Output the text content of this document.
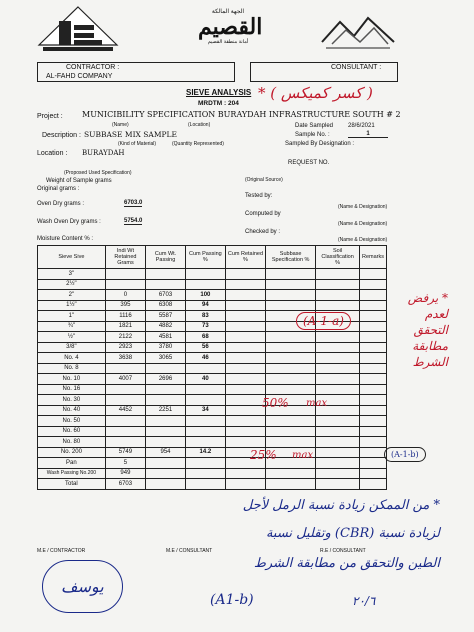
الجهة المالكة
القصيم
أمانة منطقة القصيم
CONTRACTOR :
AL-FAHD COMPANY
CONSULTANT :
SIEVE ANALYSIS
MRDTM : 204
* ( كسر كميكس )
Project : MUNICIBILITY SPECIFICATION BURAYDAH INFRASTRUCTURE SOUTH # 2
(Name)	(Location)	Date Sampled 28/6/2021
Description : SUBBASE MIX SAMPLE	Sample No. :	1
(Kind of Material)	(Quantity Represented)	Sampled By Designation :
Location : BURAYDAH
REQUEST NO.
(Proposed Used Specification)
(Original Source)
Weight of Sample grams
Original grams :
Tested by:
Oven Dry grams :	6703.0
(Name & Designation)
Computed by
Wash Oven Dry grams :	5754.0	(Name & Designation)
Checked by :
Moisture Content % :	(Name & Designation)
Sieve Sive	Indi Wt Retained Grams	Cum Wt. Passing	Cum Passing %	Cum Retained %	Subbase Specification %	Soil Classification %	Remarks
3"							
2½"							
2"	0	6703	100				
1½"	395	6308	94				
1"	1116	5587	83				
¾"	1821	4882	73				
½"	2122	4581	68				
3/8"	2923	3780	56				
No. 4	3638	3065	46				
No. 8							
No. 10	4007	2696	40				
No. 16							
No. 30							
No. 40	4452	2251	34				
No. 50							
No. 60							
No. 80							
No. 200	5749	954	14.2				
Pan	5						
Wash Passing No.200	949						
Total	6703						
(A-1-a)
50% max
25% max
* يرفض لعدم التحقق مطابقة الشرط
(A-1-b)
* من الممكن زيادة نسبة الرمل لأجل
لزيادة نسبة (CBR) وتقليل نسبة
الطين والتحقق من مطابقة الشرط
(A1-b)	٢٠/٦
يوسف
M.E / CONTRACTOR	M.E / CONSULTANT	R.E / CONSULTANT
